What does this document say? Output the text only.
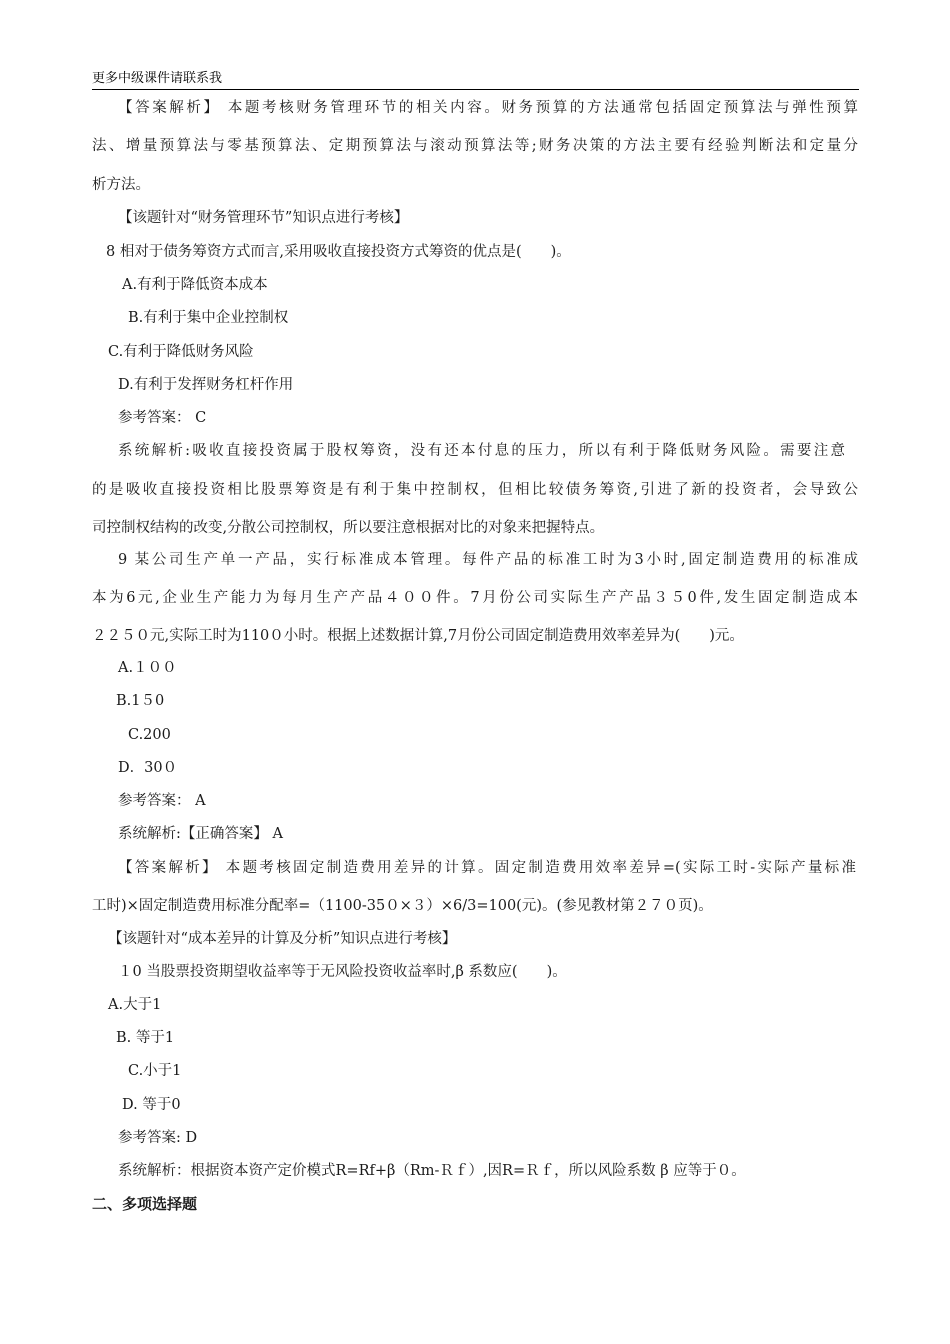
更多中级课件请联系我

【答案解析】 本题考核财务管理环节的相关内容。财务预算的方法通常包括固定预算法与弹性预算

法、增量预算法与零基预算法、定期预算法与滚动预算法等;财务决策的方法主要有经验判断法和定量分

析方法。

【该题针对“财务管理环节”知识点进行考核】

8 相对于债务筹资方式而言,采用吸收直接投资方式筹资的优点是(　　)。

A.有利于降低资本成本

B.有利于集中企业控制权

C.有利于降低财务风险

D.有利于发挥财务杠杆作用

参考答案： C

系统解析:吸收直接投资属于股权筹资，没有还本付息的压力，所以有利于降低财务风险。需要注意

的是吸收直接投资相比股票筹资是有利于集中控制权，但相比较债务筹资,引进了新的投资者，会导致公

司控制权结构的改变,分散公司控制权，所以要注意根据对比的对象来把握特点。

9 某公司生产单一产品，实行标准成本管理。每件产品的标准工时为3小时,固定制造费用的标准成

本为6元,企业生产能力为每月生产产品４００件。7月份公司实际生产产品３５0件,发生固定制造成本

２２５０元,实际工时为110０小时。根据上述数据计算,7月份公司固定制造费用效率差异为(　　)元。

A.１００

B.1５0

C.200

D．30０

参考答案： A

系统解析:【正确答案】 A

【答案解析】 本题考核固定制造费用差异的计算。固定制造费用效率差异=(实际工时-实际产量标准

工时)×固定制造费用标准分配率=（1100-35０×３）×6/3=100(元)。(参见教材第２７０页)。

【该题针对“成本差异的计算及分析”知识点进行考核】

１0 当股票投资期望收益率等于无风险投资收益率时,β 系数应(　　)。

A.大于1

B. 等于1

C.小于1

D. 等于0

参考答案: D

系统解析：根据资本资产定价模式R=Rf+β（Rm-Ｒｆ）,因R=Ｒｆ，所以风险系数 β 应等于０。

二、多项选择题
